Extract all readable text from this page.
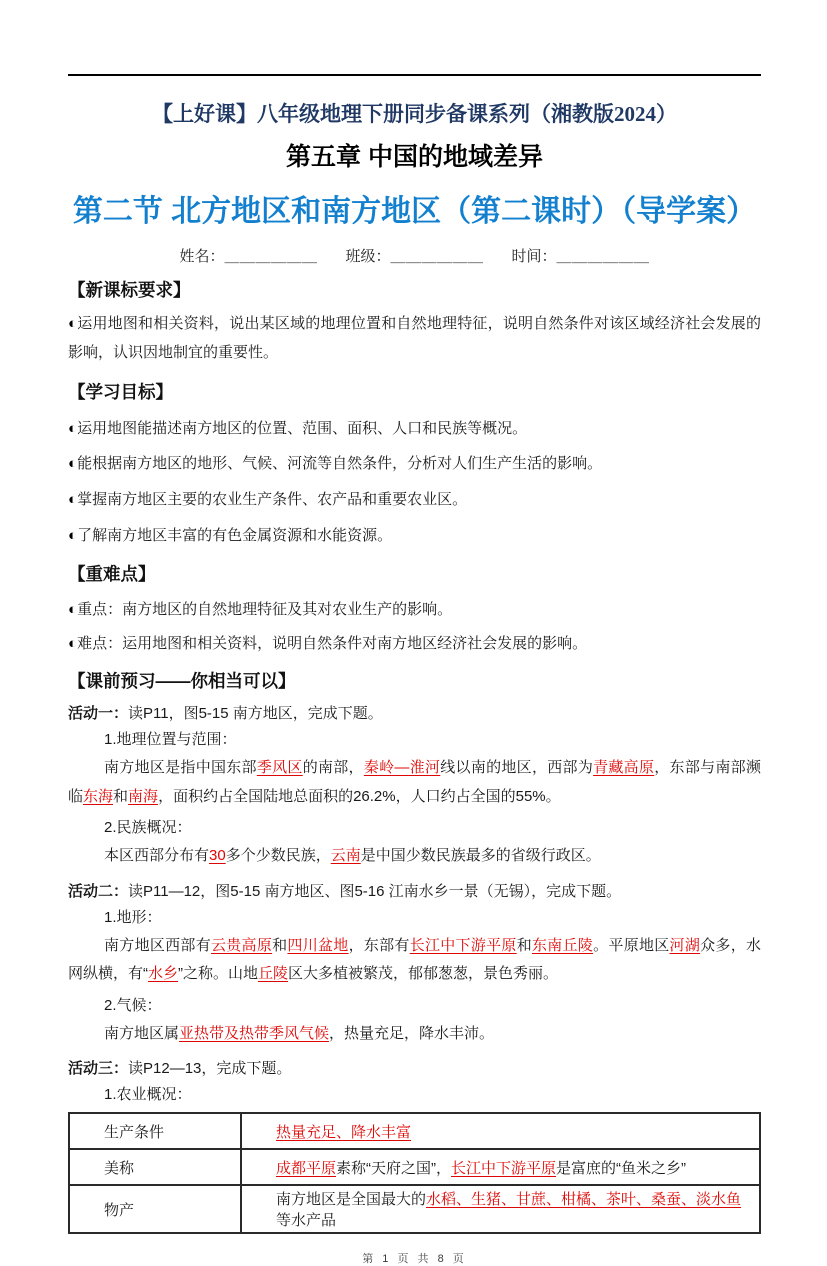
【上好课】八年级地理下册同步备课系列（湘教版2024）
第五章 中国的地域差异
第二节 北方地区和南方地区（第二课时）（导学案）
姓名：＿＿＿＿＿＿ 班级：＿＿＿＿＿＿ 时间：＿＿＿＿＿＿
【新课标要求】

◐运用地图和相关资料，说出某区域的地理位置和自然地理特征，说明自然条件对该区域经济社会发展的影响，认识因地制宜的重要性。

【学习目标】

◐运用地图能描述南方地区的位置、范围、面积、人口和民族等概况。

◐能根据南方地区的地形、气候、河流等自然条件，分析对人们生产生活的影响。

◐掌握南方地区主要的农业生产条件、农产品和重要农业区。

◐了解南方地区丰富的有色金属资源和水能资源。

【重难点】

◐重点：南方地区的自然地理特征及其对农业生产的影响。

◐难点：运用地图和相关资料，说明自然条件对南方地区经济社会发展的影响。

【课前预习——你相当可以】
活动一：读P11，图5-15 南方地区，完成下题。
1.地理位置与范围：

南方地区是指中国东部季风区的南部，秦岭—淮河线以南的地区，西部为青藏高原，东部与南部濒临东海和南海，面积约占全国陆地总面积的26.2%，人口约占全国的55%。

2.民族概况：

本区西部分布有30多个少数民族，云南是中国少数民族最多的省级行政区。

活动二：读P11—12，图5-15 南方地区、图5-16 江南水乡一景（无锡），完成下题。
1.地形：

南方地区西部有云贵高原和四川盆地，东部有长江中下游平原和东南丘陵。平原地区河湖众多，水网纵横，有“水乡”之称。山地丘陵区大多植被繁茂，郁郁葱葱，景色秀丽。

2.气候：

南方地区属亚热带及热带季风气候，热量充足，降水丰沛。

活动三：读P12—13，完成下题。
1.农业概况：
生产条件	热量充足、降水丰富
美称	成都平原素称“天府之国”，长江中下游平原是富庶的“鱼米之乡”
物产	南方地区是全国最大的水稻、生猪、甘蔗、柑橘、茶叶、桑蚕、淡水鱼等水产品
第 1 页 共 8 页
